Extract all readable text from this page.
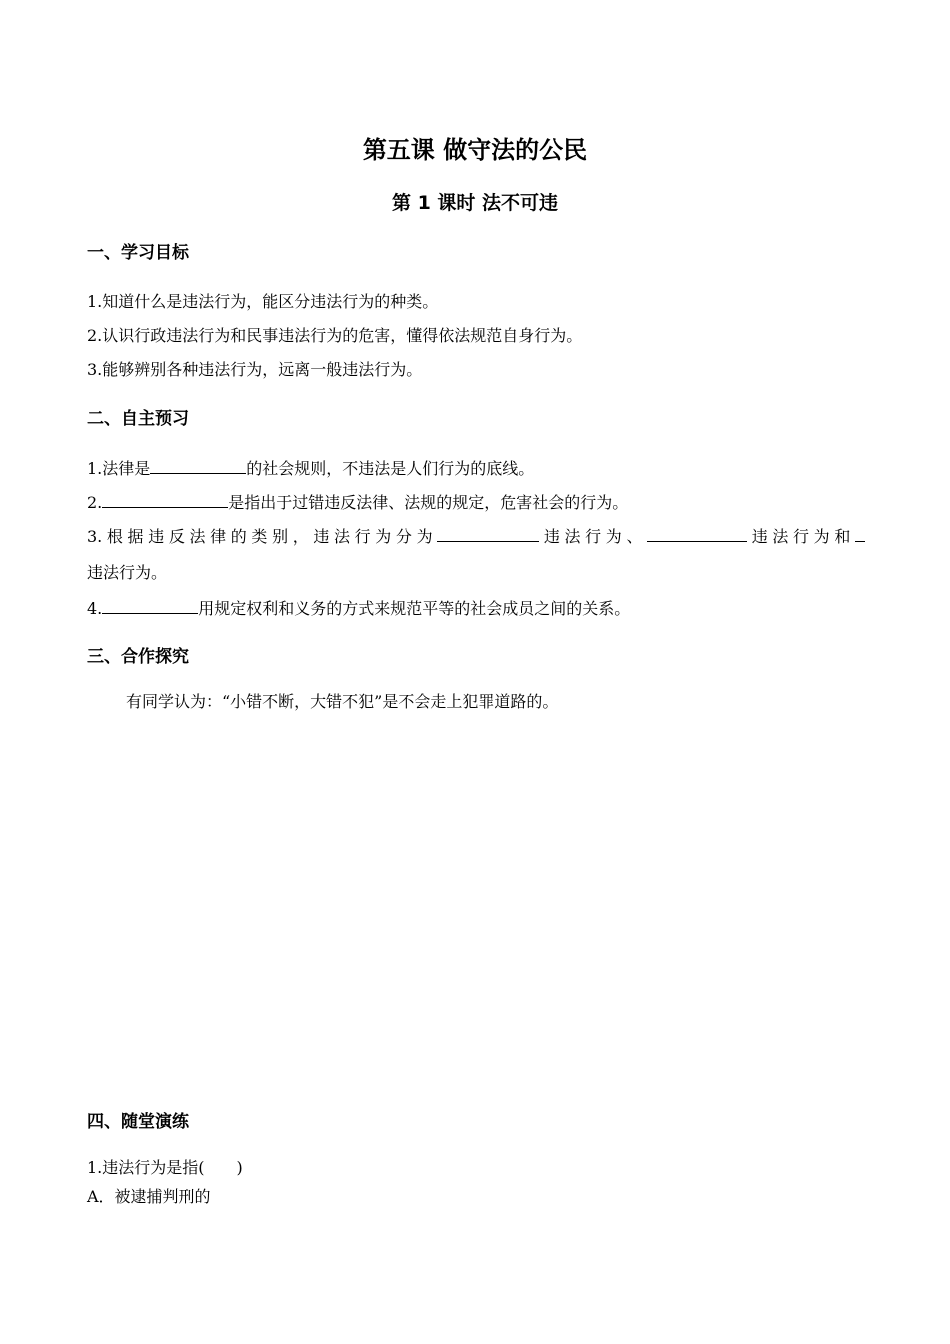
第五课 做守法的公民
第 1 课时 法不可违
一、学习目标
1.知道什么是违法行为，能区分违法行为的种类。
2.认识行政违法行为和民事违法行为的危害，懂得依法规范自身行为。
3.能够辨别各种违法行为，远离一般违法行为。
二、自主预习
1.法律是	的社会规则，不违法是人们行为的底线。
2.	是指出于过错违反法律、法规的规定，危害社会的行为。
3.根据违反法律的类别，违法行为分为	违法行为、	违法行为和
违法行为。
4.	用规定权利和义务的方式来规范平等的社会成员之间的关系。
三、合作探究
有同学认为：“小错不断，大错不犯”是不会走上犯罪道路的。
四、随堂演练
1.违法行为是指(　　)
A．被逮捕判刑的
